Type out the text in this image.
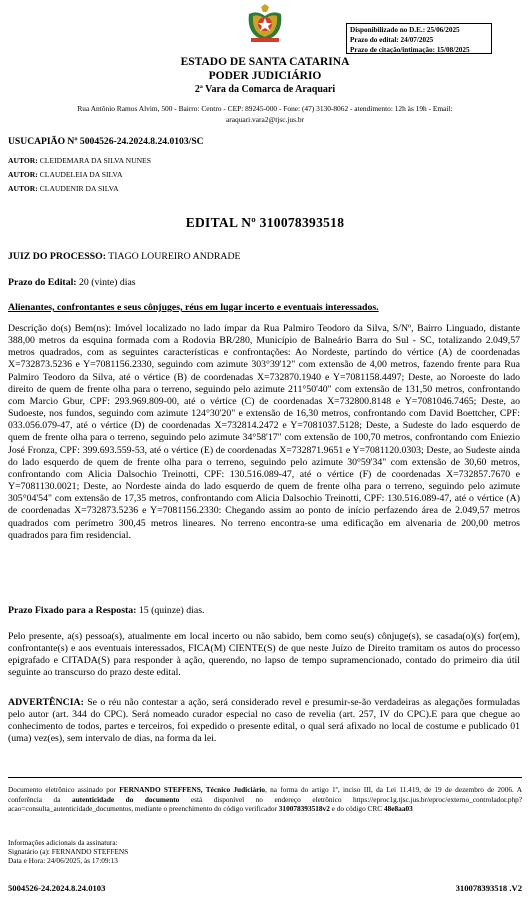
Disponibilizado no D.E.: 25/06/2025
Prazo do edital: 24/07/2025
Prazo de citação/intimação: 15/08/2025
ESTADO DE SANTA CATARINA
PODER JUDICIÁRIO
2ª Vara da Comarca de Araquari
Rua Antônio Ramos Alvim, 500 - Bairro: Centro - CEP: 89245-000 - Fone: (47) 3130-8062 - atendimento: 12h às 19h - Email:
araquari.vara2@tjsc.jus.br
USUCAPIÃO Nº 5004526-24.2024.8.24.0103/SC
AUTOR: CLEIDEMARA DA SILVA NUNES
AUTOR: CLAUDELEIA DA SILVA
AUTOR: CLAUDENIR DA SILVA
EDITAL Nº 310078393518
JUIZ DO PROCESSO: TIAGO LOUREIRO ANDRADE
Prazo do Edital: 20 (vinte) dias
Alienantes, confrontantes e seus cônjuges, réus em lugar incerto e eventuais interessados.
Descrição do(s) Bem(ns): Imóvel localizado no lado ímpar da Rua Palmiro Teodoro da Silva, S/Nº, Bairro Linguado, distante 388,00 metros da esquina formada com a Rodovia BR/280, Município de Balneário Barra do Sul - SC, totalizando 2.049,57 metros quadrados, com as seguintes características e confrontações: Ao Nordeste, partindo do vértice (A) de coordenadas X=732873.5236 e Y=7081156.2330, seguindo com azimute 303°39'12" com extensão de 4,00 metros, fazendo frente para Rua Palmiro Teodoro da Silva, até o vértice (B) de coordenadas X=732870.1940 e Y=7081158.4497; Deste, ao Noroeste do lado direito de quem de frente olha para o terreno, seguindo pelo azimute 211°50'40" com extensão de 131,50 metros, confrontando com Marcio Gbur, CPF: 293.969.809-00, até o vértice (C) de coordenadas X=732800.8148 e Y=7081046.7465; Deste, ao Sudoeste, nos fundos, seguindo com azimute 124°30'20" e extensão de 16,30 metros, confrontando com David Boettcher, CPF: 033.056.079-47, até o vértice (D) de coordenadas X=732814.2472 e Y=7081037.5128; Deste, a Sudeste do lado esquerdo de quem de frente olha para o terreno, seguindo pelo azimute 34°58'17" com extensão de 100,70 metros, confrontando com Eniezio José Fronza, CPF: 399.693.559-53, até o vértice (E) de coordenadas X=732871.9651 e Y=7081120.0303; Deste, ao Sudeste ainda do lado esquerdo de quem de frente olha para o terreno, seguindo pelo azimute 30°59'34" com extensão de 30,60 metros, confrontando com Alicia Dalsochio Treinotti, CPF: 130.516.089-47, até o vértice (F) de coordenadas X=732857.7670 e Y=7081130.0021; Deste, ao Nordeste ainda do lado esquerdo de quem de frente olha para o terreno, seguindo pelo azimute 305°04'54" com extensão de 17,35 metros, confrontando com Alicia Dalsochio Treinotti, CPF: 130.516.089-47, até o vértice (A) de coordenadas X=732873.5236 e Y=7081156.2330: Chegando assim ao ponto de início perfazendo área de 2.049,57 metros quadrados com perímetro 300,45 metros lineares. No terreno encontra-se uma edificação em alvenaria de 200,00 metros quadrados para fim residencial.
Prazo Fixado para a Resposta: 15 (quinze) dias.
Pelo presente, a(s) pessoa(s), atualmente em local incerto ou não sabido, bem como seu(s) cônjuge(s), se casada(o)(s) for(em), confrontante(s) e aos eventuais interessados, FICA(M) CIENTE(S) de que neste Juízo de Direito tramitam os autos do processo epigrafado e CITADA(S) para responder à ação, querendo, no lapso de tempo supramencionado, contado do primeiro dia útil seguinte ao transcurso do prazo deste edital.
ADVERTÊNCIA: Se o réu não contestar a ação, será considerado revel e presumir-se-ão verdadeiras as alegações formuladas pelo autor (art. 344 do CPC). Será nomeado curador especial no caso de revelia (art. 257, IV do CPC).E para que chegue ao conhecimento de todos, partes e terceiros, foi expedido o presente edital, o qual será afixado no local de costume e publicado 01 (uma) vez(es), sem intervalo de dias, na forma da lei.
Documento eletrônico assinado por FERNANDO STEFFENS, Técnico Judiciário, na forma do artigo 1º, inciso III, da Lei 11.419, de 19 de dezembro de 2006. A conferência da autenticidade do documento está disponível no endereço eletrônico https://eproc1g.tjsc.jus.br/eproc/externo_controlador.php?acao=consulta_autenticidade_documentos, mediante o preenchimento do código verificador 310078393518v2 e do código CRC 48e8aa03
Informações adicionais da assinatura:
Signatário (a): FERNANDO STEFFENS
Data e Hora: 24/06/2025, às 17:09:13
5004526-24.2024.8.24.0103	310078393518 .V2
